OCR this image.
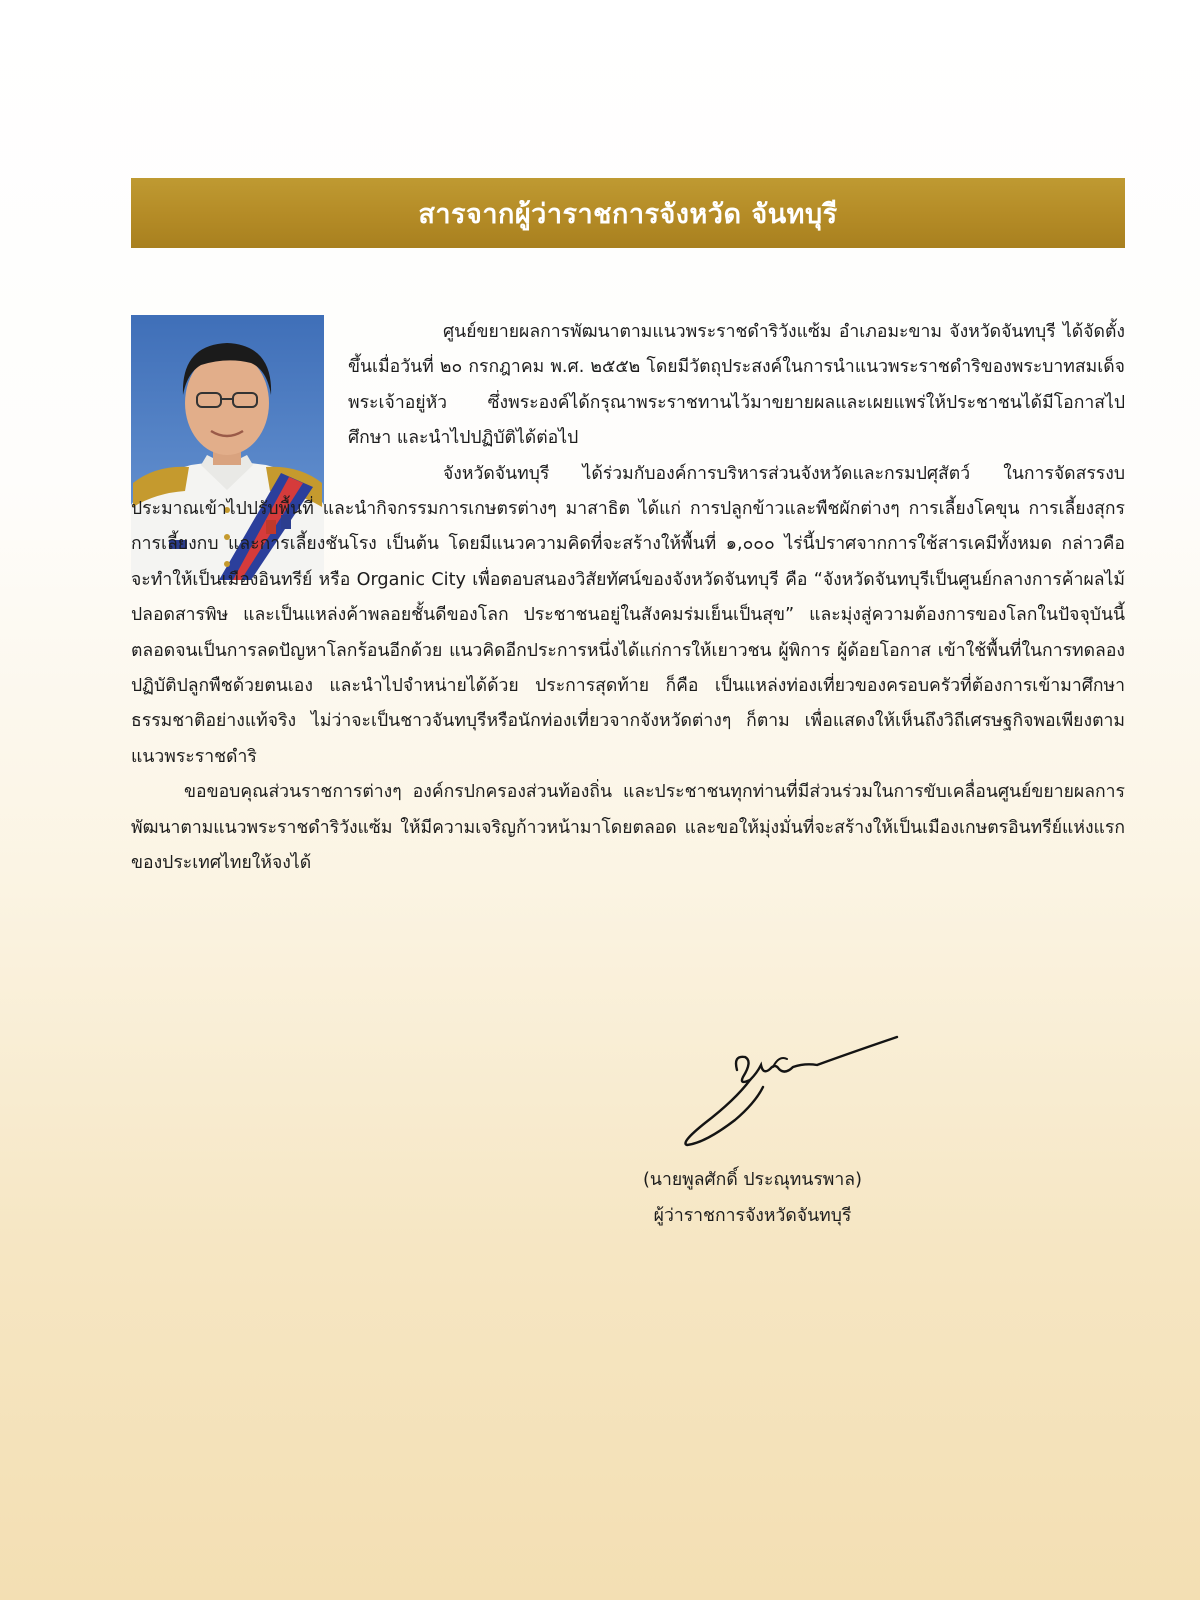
สารจากผู้ว่าราชการจังหวัด จันทบุรี

ศูนย์ขยายผลการพัฒนาตามแนวพระราชดำริวังแซ้ม อำเภอมะขาม จังหวัดจันทบุรี ได้จัดตั้งขึ้นเมื่อวันที่ ๒๐ กรกฎาคม พ.ศ. ๒๕๕๒ โดยมีวัตถุประสงค์ในการนำแนวพระราชดำริของพระบาทสมเด็จพระเจ้าอยู่หัว ซึ่งพระองค์ได้กรุณาพระราชทานไว้มาขยายผลและเผยแพร่ให้ประชาชนได้มีโอกาสไปศึกษา และนำไปปฏิบัติได้ต่อไป

จังหวัดจันทบุรี ได้ร่วมกับองค์การบริหารส่วนจังหวัดและกรมปศุสัตว์ ในการจัดสรรงบประมาณเข้าไปปรับพื้นที่ และนำกิจกรรมการเกษตรต่างๆ มาสาธิต ได้แก่ การปลูกข้าวและพืชผักต่างๆ การเลี้ยงโคขุน การเลี้ยงสุกร การเลี้ยงกบ และการเลี้ยงชันโรง เป็นต้น โดยมีแนวความคิดที่จะสร้างให้พื้นที่ ๑,๐๐๐ ไร่นี้ปราศจากการใช้สารเคมีทั้งหมด กล่าวคือ จะทำให้เป็นเมืองอินทรีย์ หรือ Organic City เพื่อตอบสนองวิสัยทัศน์ของจังหวัดจันทบุรี คือ “จังหวัดจันทบุรีเป็นศูนย์กลางการค้าผลไม้ปลอดสารพิษ และเป็นแหล่งค้าพลอยชั้นดีของโลก ประชาชนอยู่ในสังคมร่มเย็นเป็นสุข” และมุ่งสู่ความต้องการของโลกในปัจจุบันนี้ ตลอดจนเป็นการลดปัญหาโลกร้อนอีกด้วย แนวคิดอีกประการหนึ่งได้แก่การให้เยาวชน ผู้พิการ ผู้ด้อยโอกาส เข้าใช้พื้นที่ในการทดลองปฏิบัติปลูกพืชด้วยตนเอง และนำไปจำหน่ายได้ด้วย ประการสุดท้าย ก็คือ เป็นแหล่งท่องเที่ยวของครอบครัวที่ต้องการเข้ามาศึกษาธรรมชาติอย่างแท้จริง ไม่ว่าจะเป็นชาวจันทบุรีหรือนักท่องเที่ยวจากจังหวัดต่างๆ ก็ตาม เพื่อแสดงให้เห็นถึงวิถีเศรษฐกิจพอเพียงตามแนวพระราชดำริ

ขอขอบคุณส่วนราชการต่างๆ องค์กรปกครองส่วนท้องถิ่น และประชาชนทุกท่านที่มีส่วนร่วมในการขับเคลื่อนศูนย์ขยายผลการพัฒนาตามแนวพระราชดำริวังแซ้ม ให้มีความเจริญก้าวหน้ามาโดยตลอด และขอให้มุ่งมั่นที่จะสร้างให้เป็นเมืองเกษตรอินทรีย์แห่งแรกของประเทศไทยให้จงได้

(นายพูลศักดิ์ ประณุทนรพาล)
ผู้ว่าราชการจังหวัดจันทบุรี
